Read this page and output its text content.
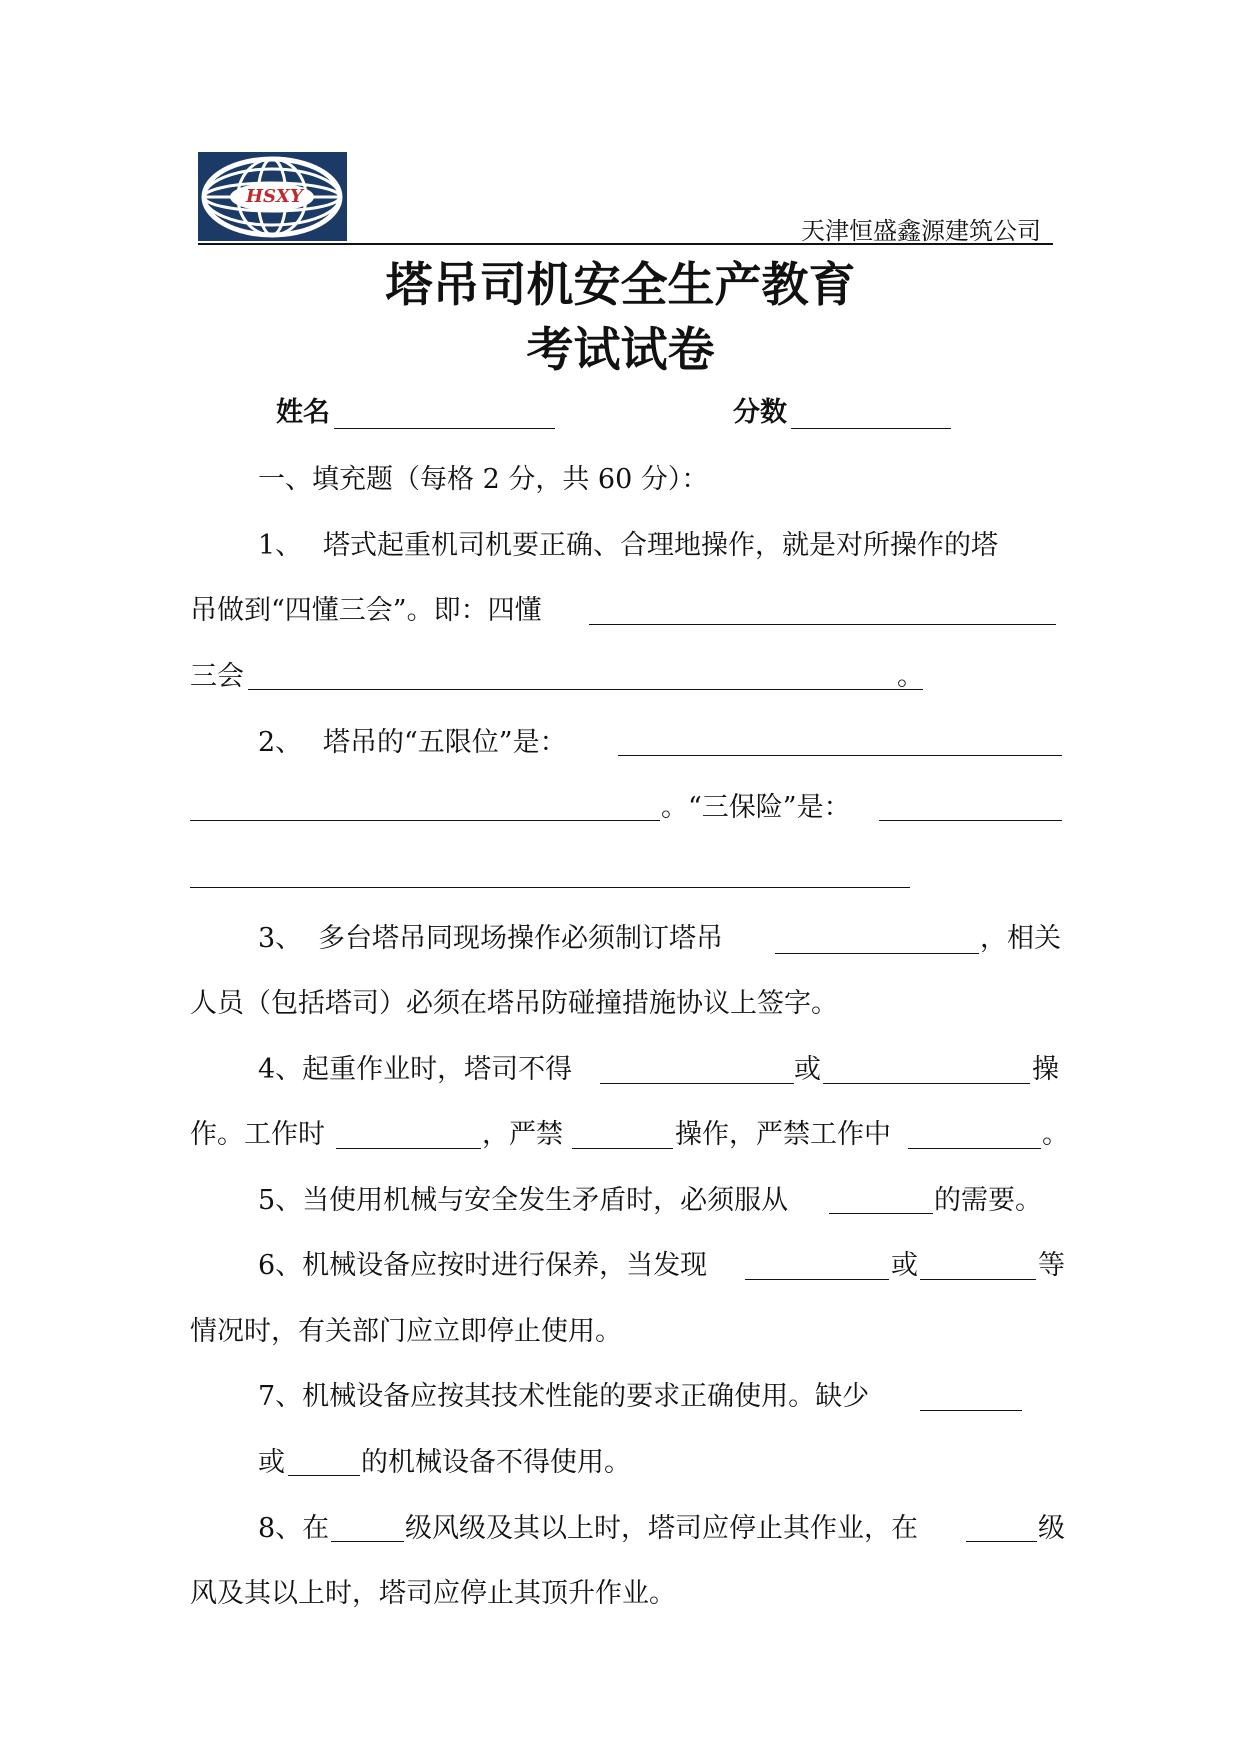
HSXY
天津恒盛鑫源建筑公司
塔吊司机安全生产教育
考试试卷
姓名	分数
一、填充题（每格 2 分，共 60 分）：
1、 塔式起重机司机要正确、合理地操作，就是对所操作的塔
吊做到“四懂三会”。即：四懂
三会	。
2、 塔吊的“五限位”是：
。“三保险”是：
3、 多台塔吊同现场操作必须制订塔吊	，相关
人员（包括塔司）必须在塔吊防碰撞措施协议上签字。
4、起重作业时，塔司不得	或	操
作。工作时	，严禁	操作，严禁工作中	。
5、当使用机械与安全发生矛盾时，必须服从	的需要。
6、机械设备应按时进行保养，当发现	或	等
情况时，有关部门应立即停止使用。
7、机械设备应按其技术性能的要求正确使用。缺少
或	的机械设备不得使用。
8、在	级风级及其以上时，塔司应停止其作业，在	级
风及其以上时，塔司应停止其顶升作业。
